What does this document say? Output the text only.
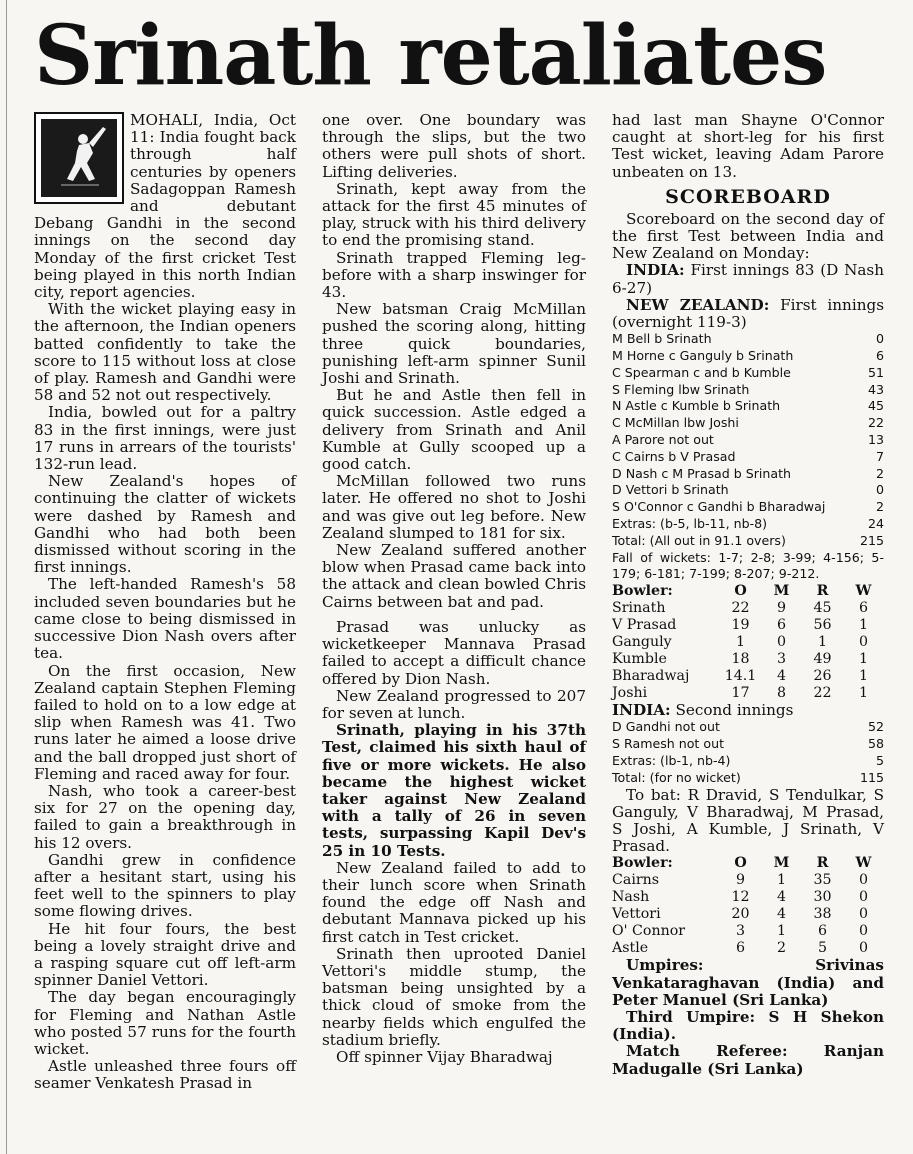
Srinath retaliates

MOHALI, India, Oct 11: India fought back through half centuries by openers Sadagoppan Ramesh and debutant Debang Gandhi in the second innings on the second day Monday of the first cricket Test being played in this north Indian city, report agencies.

With the wicket playing easy in the afternoon, the Indian openers batted confidently to take the score to 115 without loss at close of play. Ramesh and Gandhi were 58 and 52 not out respectively.

India, bowled out for a paltry 83 in the first innings, were just 17 runs in arrears of the tourists' 132-run lead.

New Zealand's hopes of continuing the clatter of wickets were dashed by Ramesh and Gandhi who had both been dismissed without scoring in the first innings.

The left-handed Ramesh's 58 included seven boundaries but he came close to being dismissed in successive Dion Nash overs after tea.

On the first occasion, New Zealand captain Stephen Fleming failed to hold on to a low edge at slip when Ramesh was 41. Two runs later he aimed a loose drive and the ball dropped just short of Fleming and raced away for four.

Nash, who took a career-best six for 27 on the opening day, failed to gain a breakthrough in his 12 overs.

Gandhi grew in confidence after a hesitant start, using his feet well to the spinners to play some flowing drives.

He hit four fours, the best being a lovely straight drive and a rasping square cut off left-arm spinner Daniel Vettori.

The day began encouragingly for Fleming and Nathan Astle who posted 57 runs for the fourth wicket.

Astle unleashed three fours off seamer Venkatesh Prasad in

one over. One boundary was through the slips, but the two others were pull shots of short. Lifting deliveries.

Srinath, kept away from the attack for the first 45 minutes of play, struck with his third delivery to end the promising stand.

Srinath trapped Fleming leg-before with a sharp inswinger for 43.

New batsman Craig McMillan pushed the scoring along, hitting three quick boundaries, punishing left-arm spinner Sunil Joshi and Srinath.

But he and Astle then fell in quick succession. Astle edged a delivery from Srinath and Anil Kumble at Gully scooped up a good catch.

McMillan followed two runs later. He offered no shot to Joshi and was give out leg before. New Zealand slumped to 181 for six.

New Zealand suffered another blow when Prasad came back into the attack and clean bowled Chris Cairns between bat and pad.

Prasad was unlucky as wicketkeeper Mannava Prasad failed to accept a difficult chance offered by Dion Nash.

New Zealand progressed to 207 for seven at lunch.

Srinath, playing in his 37th Test, claimed his sixth haul of five or more wickets. He also became the highest wicket taker against New Zealand with a tally of 26 in seven tests, surpassing Kapil Dev's 25 in 10 Tests.

New Zealand failed to add to their lunch score when Srinath found the edge off Nash and debutant Mannava picked up his first catch in Test cricket.

Srinath then uprooted Daniel Vettori's middle stump, the batsman being unsighted by a thick cloud of smoke from the nearby fields which engulfed the stadium briefly.

Off spinner Vijay Bharadwaj

had last man Shayne O'Connor caught at short-leg for his first Test wicket, leaving Adam Parore unbeaten on 13.

SCOREBOARD

Scoreboard on the second day of the first Test between India and New Zealand on Monday:

INDIA: First innings 83 (D Nash 6-27)

NEW ZEALAND: First innings (overnight 119-3)

M Bell b Srinath	0
M Horne c Ganguly b Srinath	6
C Spearman c and b Kumble	51
S Fleming lbw Srinath	43
N Astle c Kumble b Srinath	45
C McMillan lbw Joshi	22
A Parore not out	13
C Cairns b V Prasad	7
D Nash c M Prasad b Srinath	2
D Vettori b Srinath	0
S O'Connor c Gandhi b Bharadwaj	2
Extras: (b-5, lb-11, nb-8)	24
Total: (All out in 91.1 overs)	215
Fall of wickets: 1-7; 2-8; 3-99; 4-156; 5-179; 6-181; 7-199; 8-207; 9-212.
Bowler:	O	M	R	W
Srinath	22	9	45	6
V Prasad	19	6	56	1
Ganguly	1	0	1	0
Kumble	18	3	49	1
Bharadwaj	14.1	4	26	1
Joshi	17	8	22	1

INDIA: Second innings

D Gandhi not out	52
S Ramesh not out	58
Extras: (lb-1, nb-4)	5
Total: (for no wicket)	115

To bat: R Dravid, S Tendulkar, S Ganguly, V Bharadwaj, M Prasad, S Joshi, A Kumble, J Srinath, V Prasad.

Bowler:	O	M	R	W
Cairns	9	1	35	0
Nash	12	4	30	0
Vettori	20	4	38	0
O' Connor	3	1	6	0
Astle	6	2	5	0

Umpires: Srivinas Venkataraghavan (India) and Peter Manuel (Sri Lanka)

Third Umpire: S H Shekon (India).

Match Referee: Ranjan Madugalle (Sri Lanka)
